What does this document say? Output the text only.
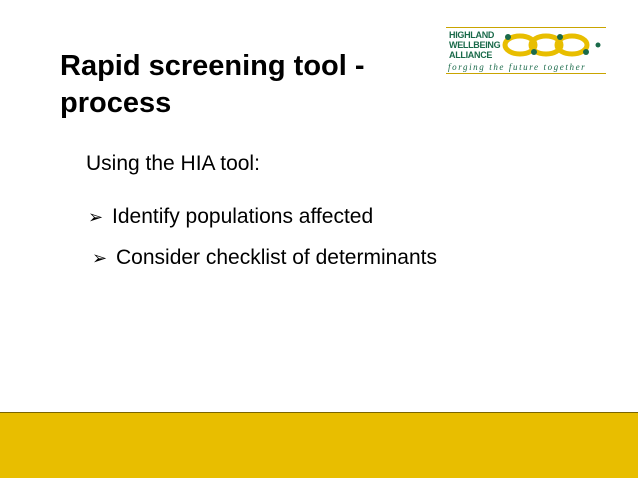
Rapid screening tool -
process
HIGHLAND
WELLBEING
ALLIANCE
forging the future together
Using the HIA tool:
➢ Identify populations affected
➢ Consider checklist of determinants
